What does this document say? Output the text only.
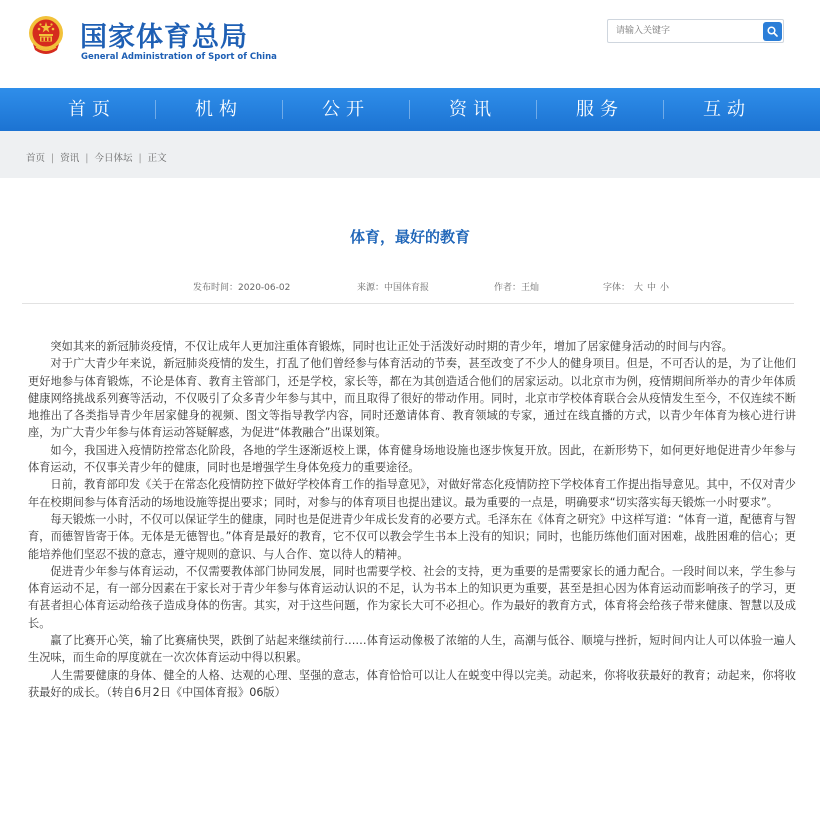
国家体育总局
General Administration of Sport of China
请输入关键字
首页	机构	公开	资讯	服务	互动
首页 | 资讯 | 今日体坛 | 正文
体育，最好的教育
发布时间：2020-06-02	来源：中国体育报	作者：王灿	字体： 大 中 小

突如其来的新冠肺炎疫情，不仅让成年人更加注重体育锻炼，同时也让正处于活泼好动时期的青少年，增加了居家健身活动的时间与内容。

对于广大青少年来说，新冠肺炎疫情的发生，打乱了他们曾经参与体育活动的节奏，甚至改变了不少人的健身项目。但是，不可否认的是，为了让他们更好地参与体育锻炼，不论是体育、教育主管部门，还是学校，家长等，都在为其创造适合他们的居家运动。以北京市为例，疫情期间所举办的青少年体质健康网络挑战系列赛等活动，不仅吸引了众多青少年参与其中，而且取得了很好的带动作用。同时，北京市学校体育联合会从疫情发生至今，不仅连续不断地推出了各类指导青少年居家健身的视频、图文等指导教学内容，同时还邀请体育、教育领域的专家，通过在线直播的方式，以青少年体育为核心进行讲座，为广大青少年参与体育运动答疑解惑，为促进“体教融合”出谋划策。

如今，我国进入疫情防控常态化阶段，各地的学生逐渐返校上课，体育健身场地设施也逐步恢复开放。因此，在新形势下，如何更好地促进青少年参与体育运动，不仅事关青少年的健康，同时也是增强学生身体免疫力的重要途径。

日前，教育部印发《关于在常态化疫情防控下做好学校体育工作的指导意见》，对做好常态化疫情防控下学校体育工作提出指导意见。其中，不仅对青少年在校期间参与体育活动的场地设施等提出要求；同时，对参与的体育项目也提出建议。最为重要的一点是，明确要求“切实落实每天锻炼一小时要求”。

每天锻炼一小时，不仅可以保证学生的健康，同时也是促进青少年成长发育的必要方式。毛泽东在《体育之研究》中这样写道：“体育一道，配德育与智育，而德智皆寄于体。无体是无德智也。”体育是最好的教育，它不仅可以教会学生书本上没有的知识；同时，也能历练他们面对困难，战胜困难的信心；更能培养他们坚忍不拔的意志，遵守规则的意识、与人合作、宽以待人的精神。

促进青少年参与体育运动，不仅需要教体部门协同发展，同时也需要学校、社会的支持，更为重要的是需要家长的通力配合。一段时间以来，学生参与体育运动不足，有一部分因素在于家长对于青少年参与体育运动认识的不足，认为书本上的知识更为重要，甚至是担心因为体育运动而影响孩子的学习，更有甚者担心体育运动给孩子造成身体的伤害。其实，对于这些问题，作为家长大可不必担心。作为最好的教育方式，体育将会给孩子带来健康、智慧以及成长。

赢了比赛开心笑，输了比赛痛快哭，跌倒了站起来继续前行……体育运动像极了浓缩的人生，高潮与低谷、顺境与挫折，短时间内让人可以体验一遍人生况味，而生命的厚度就在一次次体育运动中得以积累。

人生需要健康的身体、健全的人格、达观的心理、坚强的意志，体育恰恰可以让人在蜕变中得以完美。动起来，你将收获最好的教育；动起来，你将收获最好的成长。（转自6月2日《中国体育报》06版）
